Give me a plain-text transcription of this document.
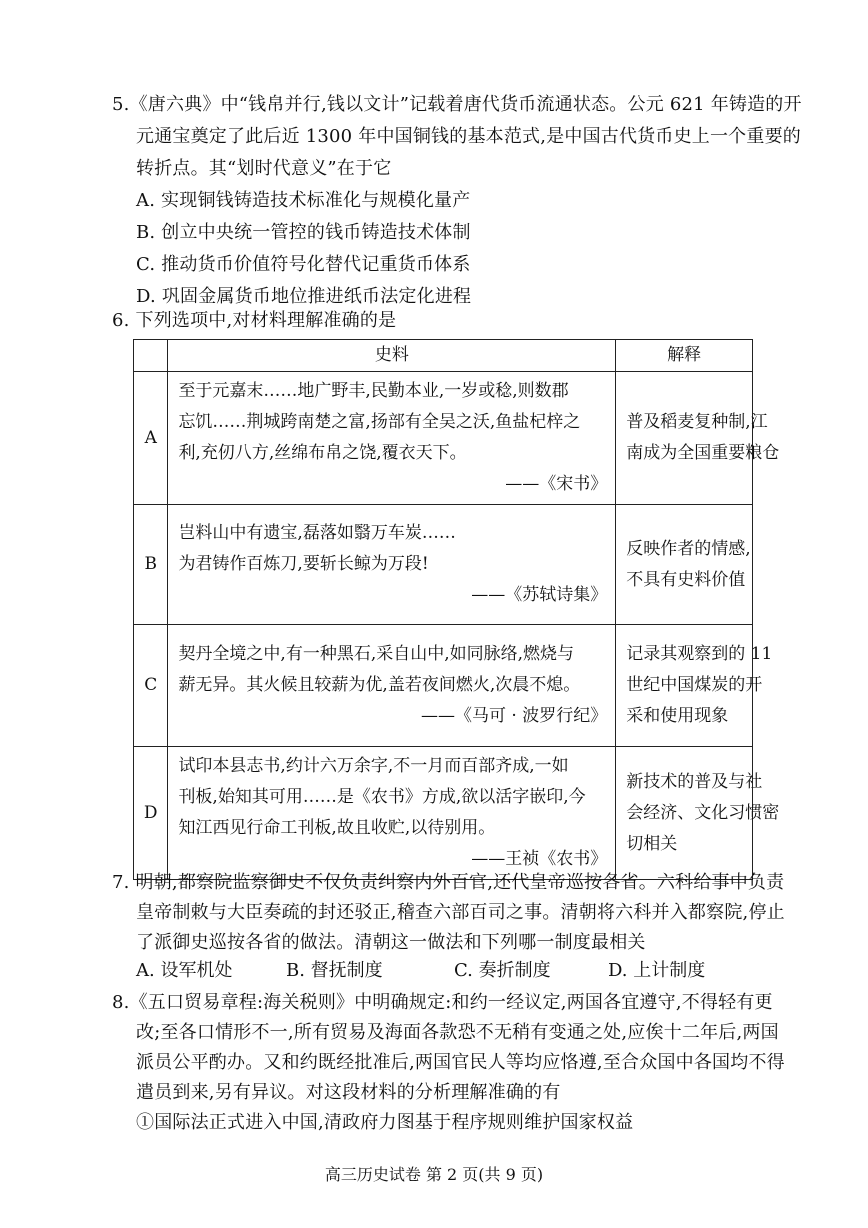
5.《唐六典》中“钱帛并行,钱以文计”记载着唐代货币流通状态。公元 621 年铸造的开
元通宝奠定了此后近 1300 年中国铜钱的基本范式,是中国古代货币史上一个重要的
转折点。其“划时代意义”在于它
A. 实现铜钱铸造技术标准化与规模化量产
B. 创立中央统一管控的钱币铸造技术体制
C. 推动货币价值符号化替代记重货币体系
D. 巩固金属货币地位推进纸币法定化进程
6. 下列选项中,对材料理解准确的是
	史料	解释
A	至于元嘉末……地广野丰,民勤本业,一岁或稔,则数郡
忘饥……荆城跨南楚之富,扬部有全吴之沃,鱼盐杞梓之
利,充仞八方,丝绵布帛之饶,覆衣天下。
——《宋书》	普及稻麦复种制,江
南成为全国重要粮仓

B	岂料山中有遗宝,磊落如翳万车炭……
为君铸作百炼刀,要斩长鲸为万段!
——《苏轼诗集》	反映作者的情感,
不具有史料价值

C	契丹全境之中,有一种黑石,采自山中,如同脉络,燃烧与
薪无异。其火候且较薪为优,盖若夜间燃火,次晨不熄。
——《马可 · 波罗行纪》	记录其观察到的 11
世纪中国煤炭的开
采和使用现象

D	试印本县志书,约计六万余字,不一月而百部齐成,一如
刊板,始知其可用……是《农书》方成,欲以活字嵌印,今
知江西见行命工刊板,故且收贮,以待别用。
——王祯《农书》	新技术的普及与社
会经济、文化习惯密
切相关
7. 明朝,都察院监察御史不仅负责纠察内外百官,还代皇帝巡按各省。六科给事中负责
皇帝制敕与大臣奏疏的封还驳正,稽查六部百司之事。清朝将六科并入都察院,停止
了派御史巡按各省的做法。清朝这一做法和下列哪一制度最相关
A. 设军机处	B. 督抚制度	C. 奏折制度	D. 上计制度
8.《五口贸易章程:海关税则》中明确规定:和约一经议定,两国各宜遵守,不得轻有更
改;至各口情形不一,所有贸易及海面各款恐不无稍有变通之处,应俟十二年后,两国
派员公平酌办。又和约既经批准后,两国官民人等均应恪遵,至合众国中各国均不得
遣员到来,另有异议。对这段材料的分析理解准确的有
①国际法正式进入中国,清政府力图基于程序规则维护国家权益
高三历史试卷 第 2 页(共 9 页)
